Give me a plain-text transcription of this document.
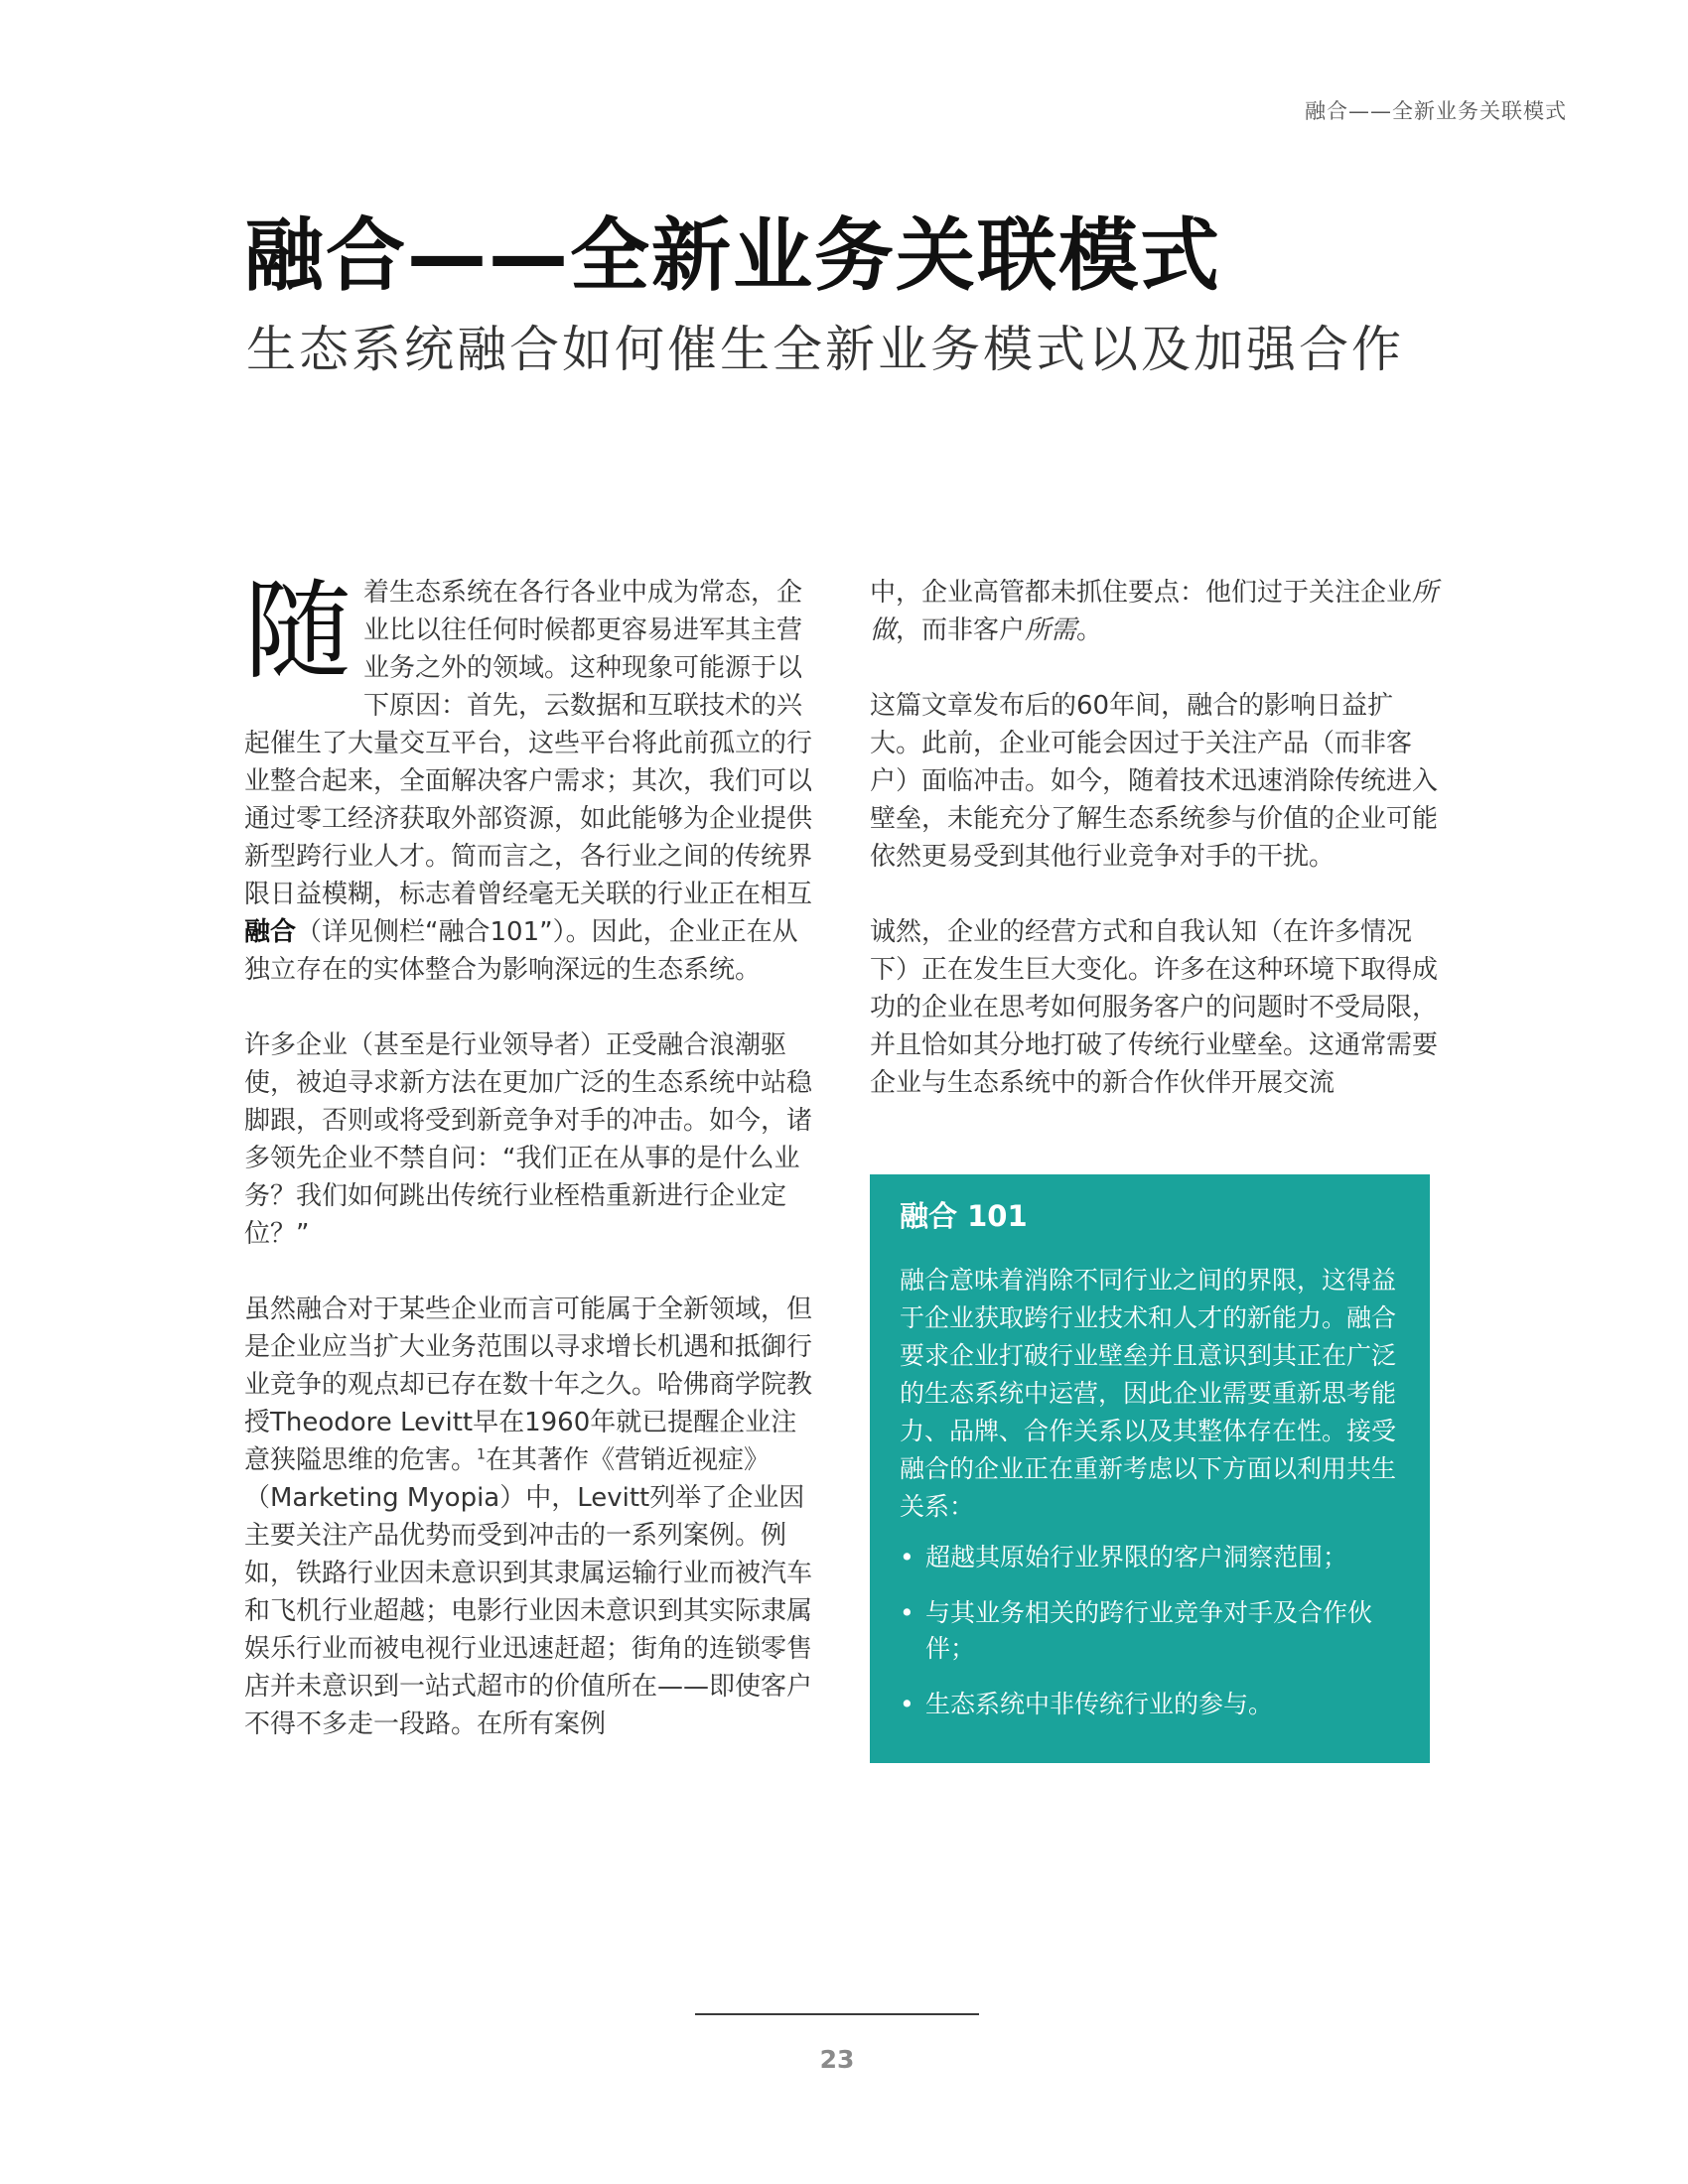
融合——全新业务关联模式
融合——全新业务关联模式
生态系统融合如何催生全新业务模式以及加强合作

随着生态系统在各行各业中成为常态，企业比以往任何时候都更容易进军其主营业务之外的领域。这种现象可能源于以下原因：首先，云数据和互联技术的兴起催生了大量交互平台，这些平台将此前孤立的行业整合起来，全面解决客户需求；其次，我们可以通过零工经济获取外部资源，如此能够为企业提供新型跨行业人才。简而言之，各行业之间的传统界限日益模糊，标志着曾经毫无关联的行业正在相互融合（详见侧栏“融合101”）。因此，企业正在从独立存在的实体整合为影响深远的生态系统。

许多企业（甚至是行业领导者）正受融合浪潮驱使，被迫寻求新方法在更加广泛的生态系统中站稳脚跟，否则或将受到新竞争对手的冲击。如今，诸多领先企业不禁自问：“我们正在从事的是什么业务？我们如何跳出传统行业桎梏重新进行企业定位？”

虽然融合对于某些企业而言可能属于全新领域，但是企业应当扩大业务范围以寻求增长机遇和抵御行业竞争的观点却已存在数十年之久。哈佛商学院教授Theodore Levitt早在1960年就已提醒企业注意狭隘思维的危害。$^1$在其著作《营销近视症》（Marketing Myopia）中，Levitt列举了企业因主要关注产品优势而受到冲击的一系列案例。例如，铁路行业因未意识到其隶属运输行业而被汽车和飞机行业超越；电影行业因未意识到其实际隶属娱乐行业而被电视行业迅速赶超；街角的连锁零售店并未意识到一站式超市的价值所在——即使客户不得不多走一段路。在所有案例

中，企业高管都未抓住要点：他们过于关注企业所做，而非客户所需。

这篇文章发布后的60年间，融合的影响日益扩大。此前，企业可能会因过于关注产品（而非客户）面临冲击。如今，随着技术迅速消除传统进入壁垒，未能充分了解生态系统参与价值的企业可能依然更易受到其他行业竞争对手的干扰。

诚然，企业的经营方式和自我认知（在许多情况下）正在发生巨大变化。许多在这种环境下取得成功的企业在思考如何服务客户的问题时不受局限，并且恰如其分地打破了传统行业壁垒。这通常需要企业与生态系统中的新合作伙伴开展交流

融合 101
融合意味着消除不同行业之间的界限，这得益于企业获取跨行业技术和人才的新能力。融合要求企业打破行业壁垒并且意识到其正在广泛的生态系统中运营，因此企业需要重新思考能力、品牌、合作关系以及其整体存在性。接受融合的企业正在重新考虑以下方面以利用共生关系：
• 超越其原始行业界限的客户洞察范围；
• 与其业务相关的跨行业竞争对手及合作伙伴；
• 生态系统中非传统行业的参与。
23
